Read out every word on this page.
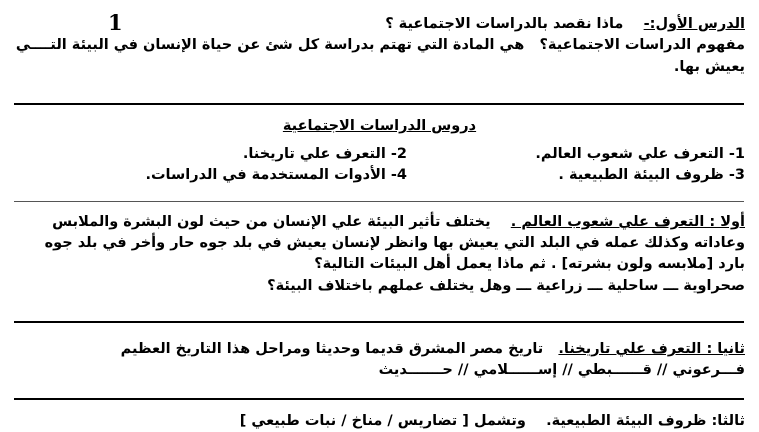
1	الدرس الأول:-    ماذا نقصد بالدراسات الاجتماعية ؟
مفهوم الدراسات الاجتماعية؟   هي المادة التي تهتم بدراسة كل شئ عن حياة الإنسان في البيئة التــــي
يعيش بها.
دروس الدراسات الاجتماعية
1- التعرف علي شعوب العالم.
2- التعرف علي تاريخنا.
3- ظروف البيئة الطبيعية .
4- الأدوات المستخدمة في الدراسات.
أولا : التعرف علي شعوب العالم .    يختلف تأثير البيئة علي الإنسان من حيث لون البشرة والملابس
وعاداته وكذلك عمله في البلد التي يعيش بها وانظر لإنسان يعيش في بلد جوه حار وأخر في بلد جوه
بارد [ملابسه ولون بشرته] . ثم ماذا يعمل أهل البيئات التالية؟
صحراوية ـــ ساحلية ـــ زراعية ـــ وهل يختلف عملهم باختلاف البيئة؟
ثانيا : التعرف علي تاريخنا.   تاريخ مصر المشرق قديما وحديثا ومراحل هذا التاريخ العظيم
فـــرعوني // قــــــبطي // إســــــلامي // حـــــــديث
ثالثا: ظروف البيئة الطبيعية.    وتشمل [ تضاريس / مناخ / نبات طبيعي ]
